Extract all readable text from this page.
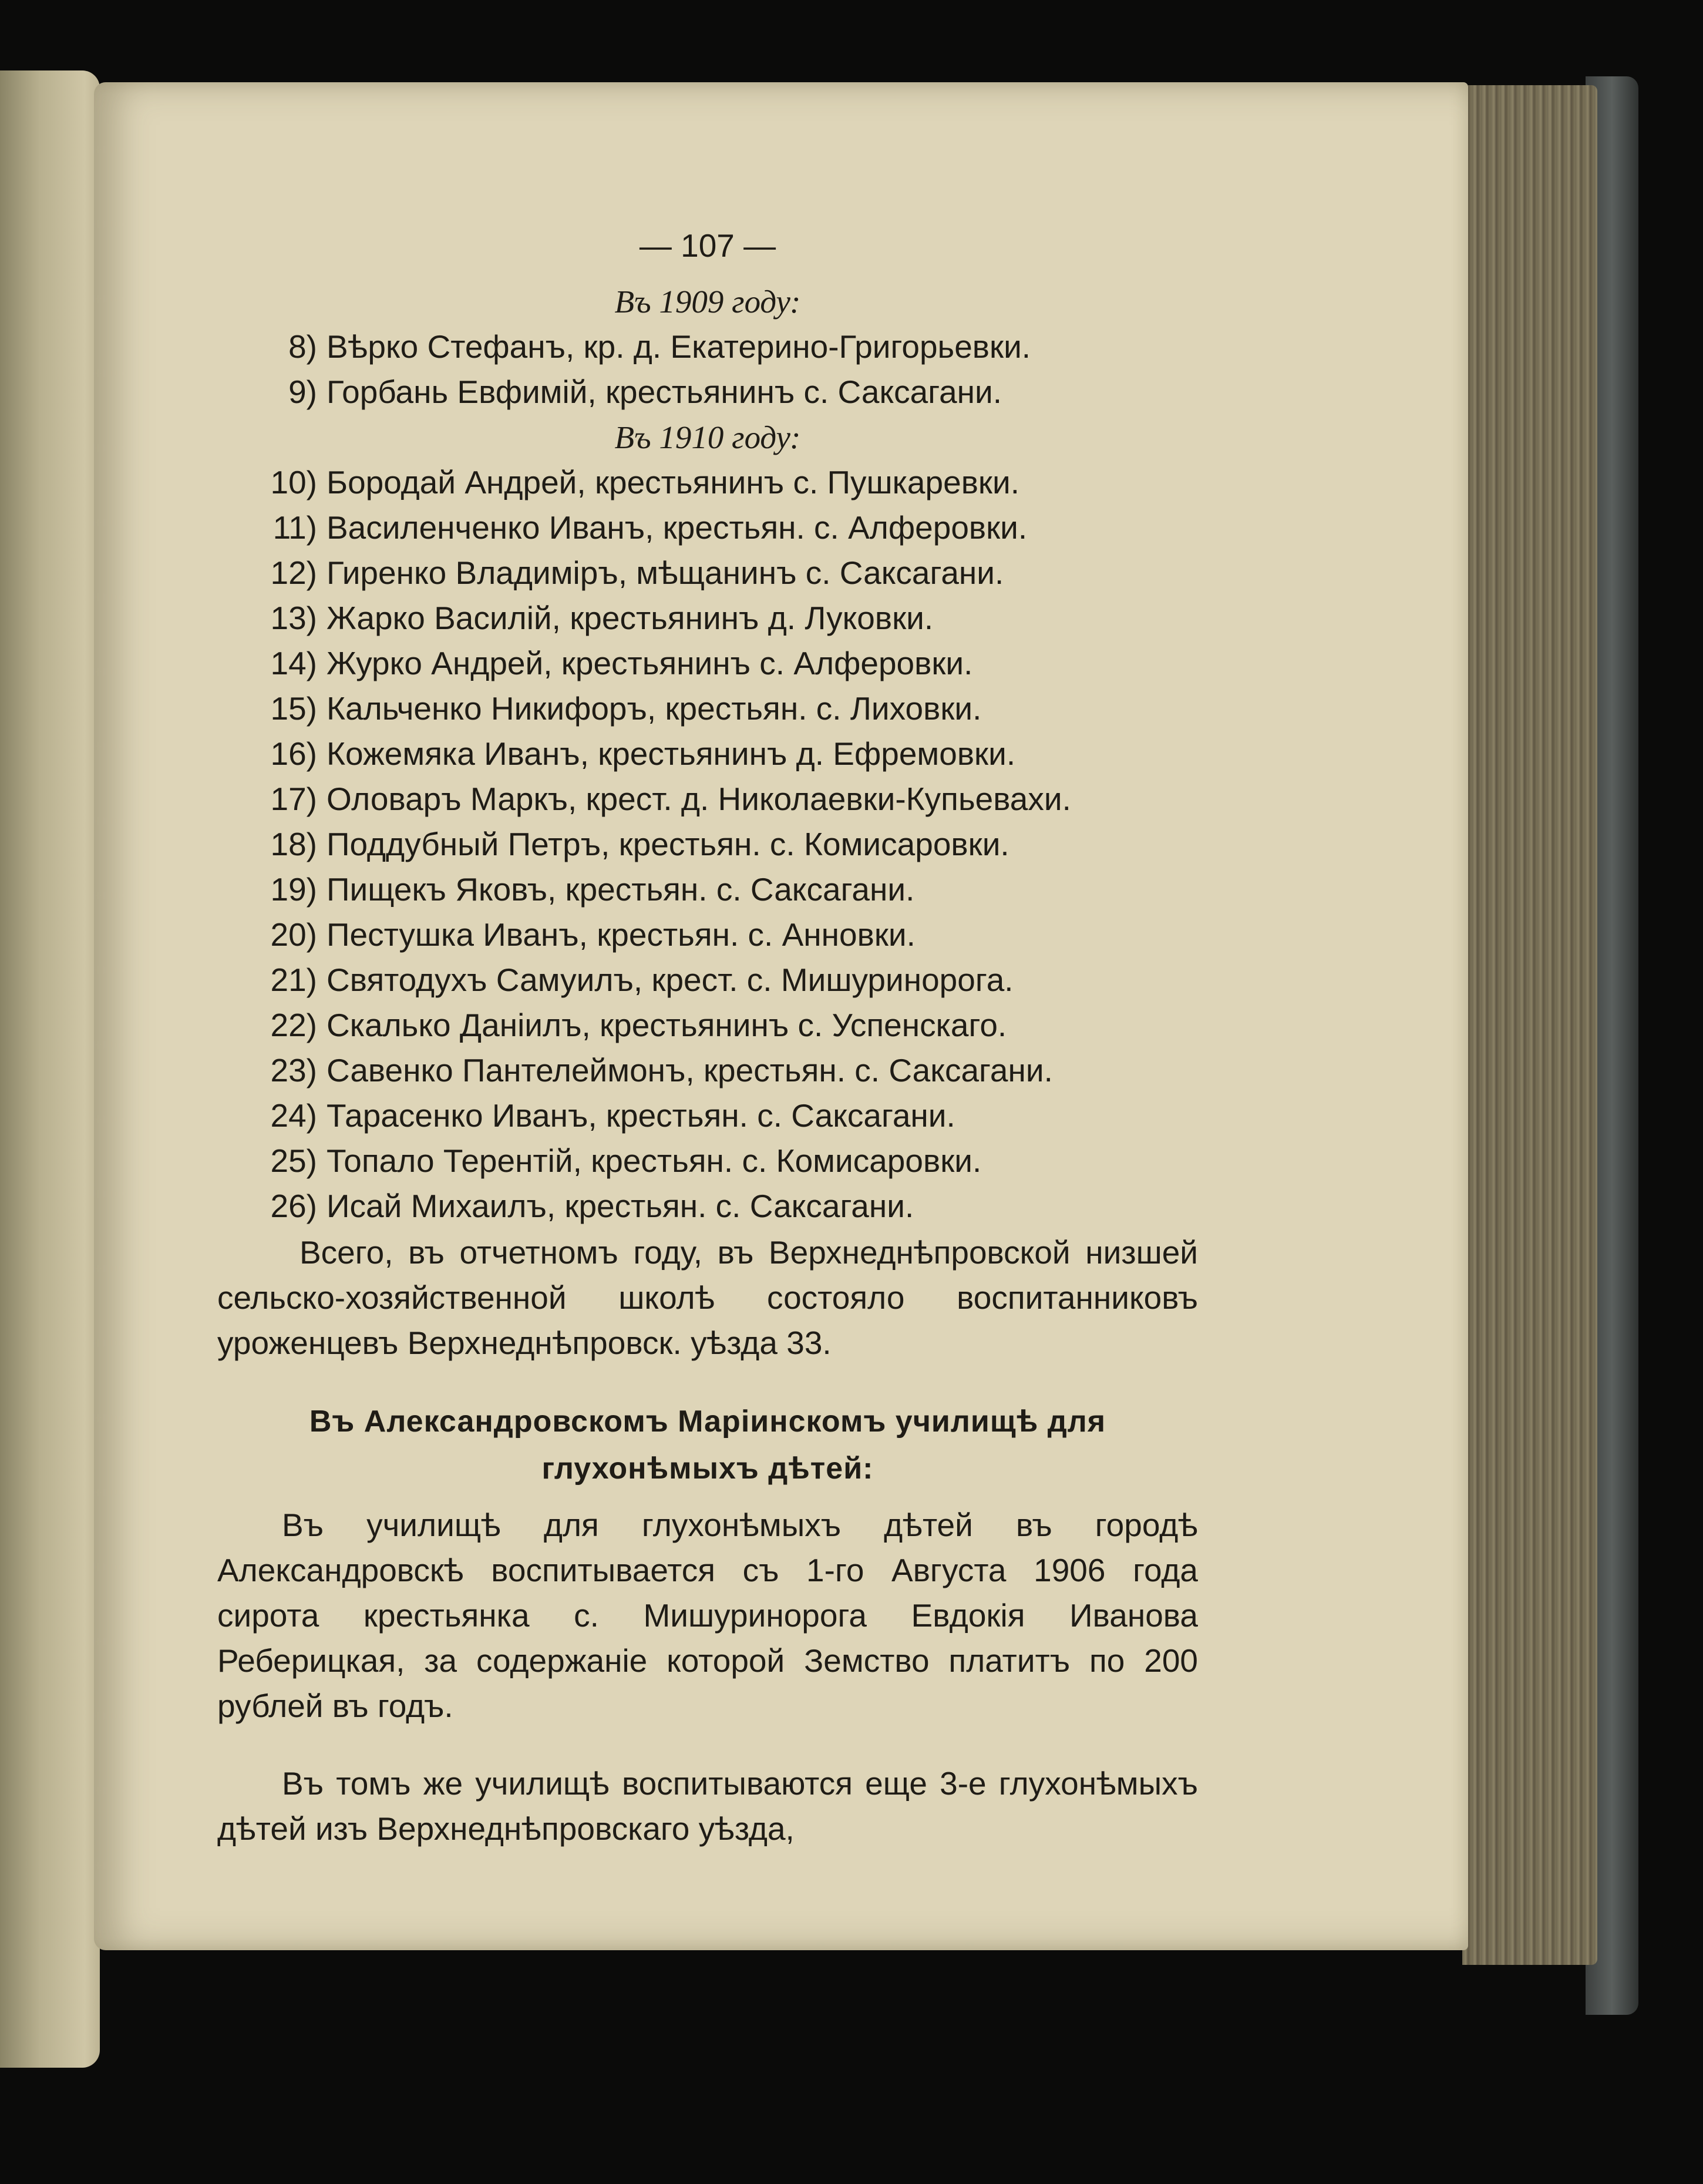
— 107 —
Въ 1909 году:
8) Вѣрко Стефанъ, кр. д. Екатерино-Григорьевки.
9) Горбань Евфимій, крестьянинъ с. Саксагани.
Въ 1910 году:
10) Бородай Андрей, крестьянинъ с. Пушкаревки.
11) Василенченко Иванъ, крестьян. с. Алферовки.
12) Гиренко Владиміръ, мѣщанинъ с. Саксагани.
13) Жарко Василій, крестьянинъ д. Луковки.
14) Журко Андрей, крестьянинъ с. Алферовки.
15) Кальченко Никифоръ, крестьян. с. Лиховки.
16) Кожемяка Иванъ, крестьянинъ д. Ефремовки.
17) Оловаръ Маркъ, крест. д. Николаевки-Купьевахи.
18) Поддубный Петръ, крестьян. с. Комисаровки.
19) Пищекъ Яковъ, крестьян. с. Саксагани.
20) Пестушка Иванъ, крестьян. с. Анновки.
21) Святодухъ Самуилъ, крест. с. Мишуринорога.
22) Скалько Даніилъ, крестьянинъ с. Успенскаго.
23) Савенко Пантелеймонъ, крестьян. с. Саксагани.
24) Тарасенко Иванъ, крестьян. с. Саксагани.
25) Топало Терентій, крестьян. с. Комисаровки.
26) Исай Михаилъ, крестьян. с. Саксагани.

Всего, въ отчетномъ году, въ Верхнеднѣпровской низшей сельско-хозяйственной школѣ состояло воспитанниковъ уроженцевъ Верхнеднѣпровск. уѣзда 33.

Въ Александровскомъ Маріинскомъ училищѣ для глухонѣмыхъ дѣтей:

Въ училищѣ для глухонѣмыхъ дѣтей въ городѣ Александровскѣ воспитывается съ 1-го Августа 1906 года сирота крестьянка с. Мишуринорога Евдокія Иванова Реберицкая, за содержаніе которой Земство платитъ по 200 рублей въ годъ.

Въ томъ же училищѣ воспитываются еще 3-е глухонѣмыхъ дѣтей изъ Верхнеднѣпровскаго уѣзда,
